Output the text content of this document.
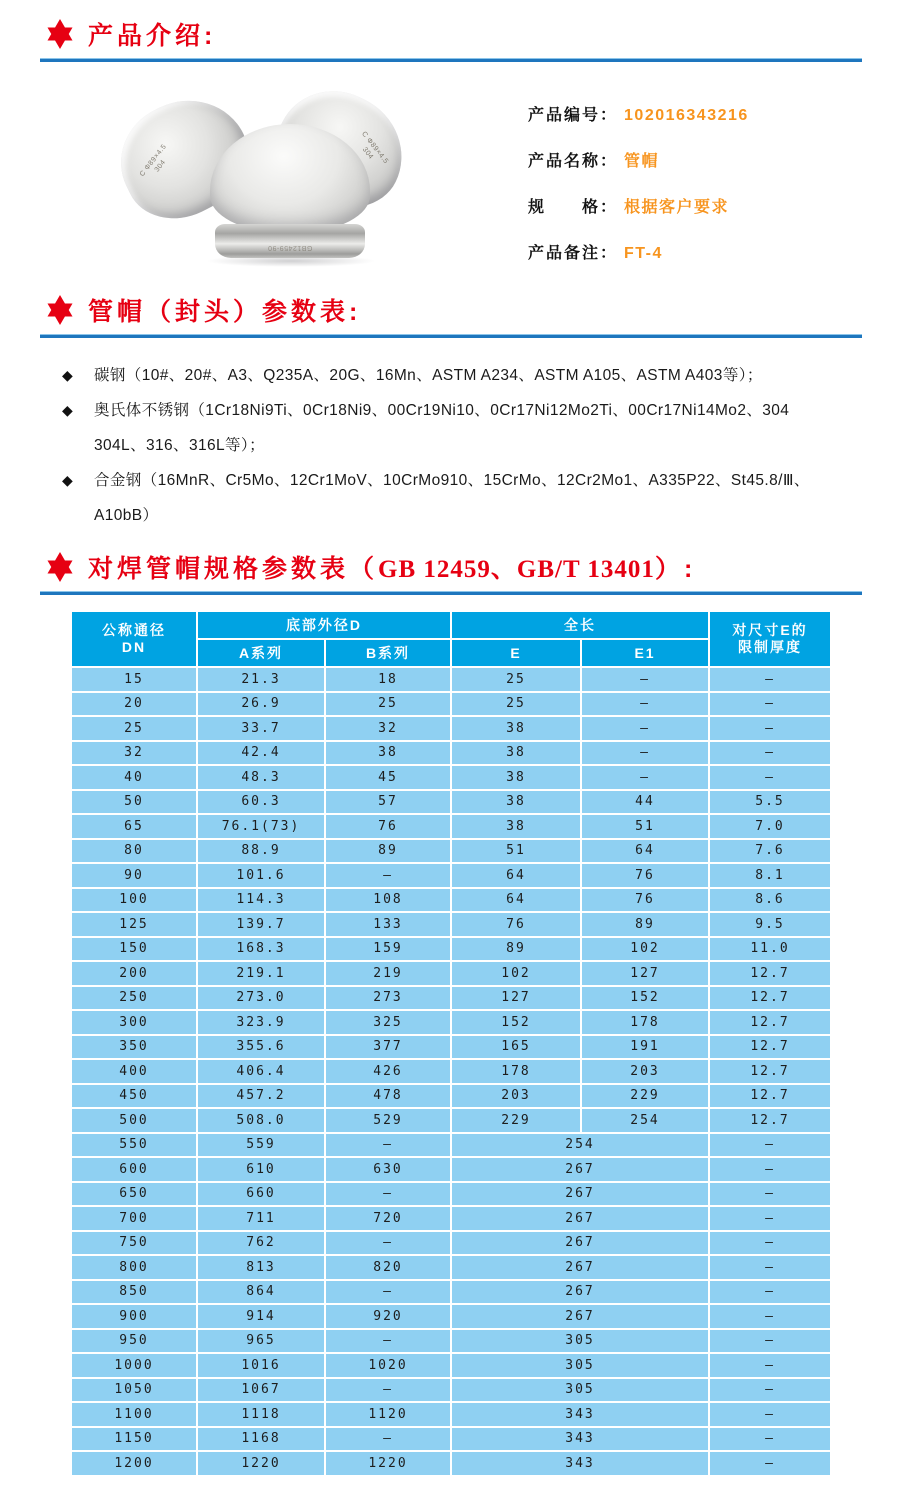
产品介绍:
C Φ89×4.5
304
C Φ89×4.5
304
GB12459-90
产品编号： 102016343216
产品名称： 管帽
规　　格： 根据客户要求
产品备注： FT-4
管帽（封头）参数表:
◆ 碳钢（10#、20#、A3、Q235A、20G、16Mn、ASTM A234、ASTM A105、ASTM A403等）；
◆ 奥氏体不锈钢（1Cr18Ni9Ti、0Cr18Ni9、00Cr19Ni10、0Cr17Ni12Mo2Ti、00Cr17Ni14Mo2、304
304L、316、316L等）；
◆ 合金钢（16MnR、Cr5Mo、12Cr1MoV、10CrMo910、15CrMo、12Cr2Mo1、A335P22、St45.8/Ⅲ、
A10bB）
对焊管帽规格参数表（GB 12459、GB/T 13401）:
公称通径
DN	底部外径D		全长		对尺寸E的
限制厚度
	A系列	B系列	E	E1	
15	21.3	18	25	–	–
20	26.9	25	25	–	–
25	33.7	32	38	–	–
32	42.4	38	38	–	–
40	48.3	45	38	–	–
50	60.3	57	38	44	5.5
65	76.1(73)	76	38	51	7.0
80	88.9	89	51	64	7.6
90	101.6	–	64	76	8.1
100	114.3	108	64	76	8.6
125	139.7	133	76	89	9.5
150	168.3	159	89	102	11.0
200	219.1	219	102	127	12.7
250	273.0	273	127	152	12.7
300	323.9	325	152	178	12.7
350	355.6	377	165	191	12.7
400	406.4	426	178	203	12.7
450	457.2	478	203	229	12.7
500	508.0	529	229	254	12.7
550	559	–	254		–
600	610	630	267		–
650	660	–	267		–
700	711	720	267		–
750	762	–	267		–
800	813	820	267		–
850	864	–	267		–
900	914	920	267		–
950	965	–	305		–
1000	1016	1020	305		–
1050	1067	–	305		–
1100	1118	1120	343		–
1150	1168	–	343		–
1200	1220	1220	343		–
